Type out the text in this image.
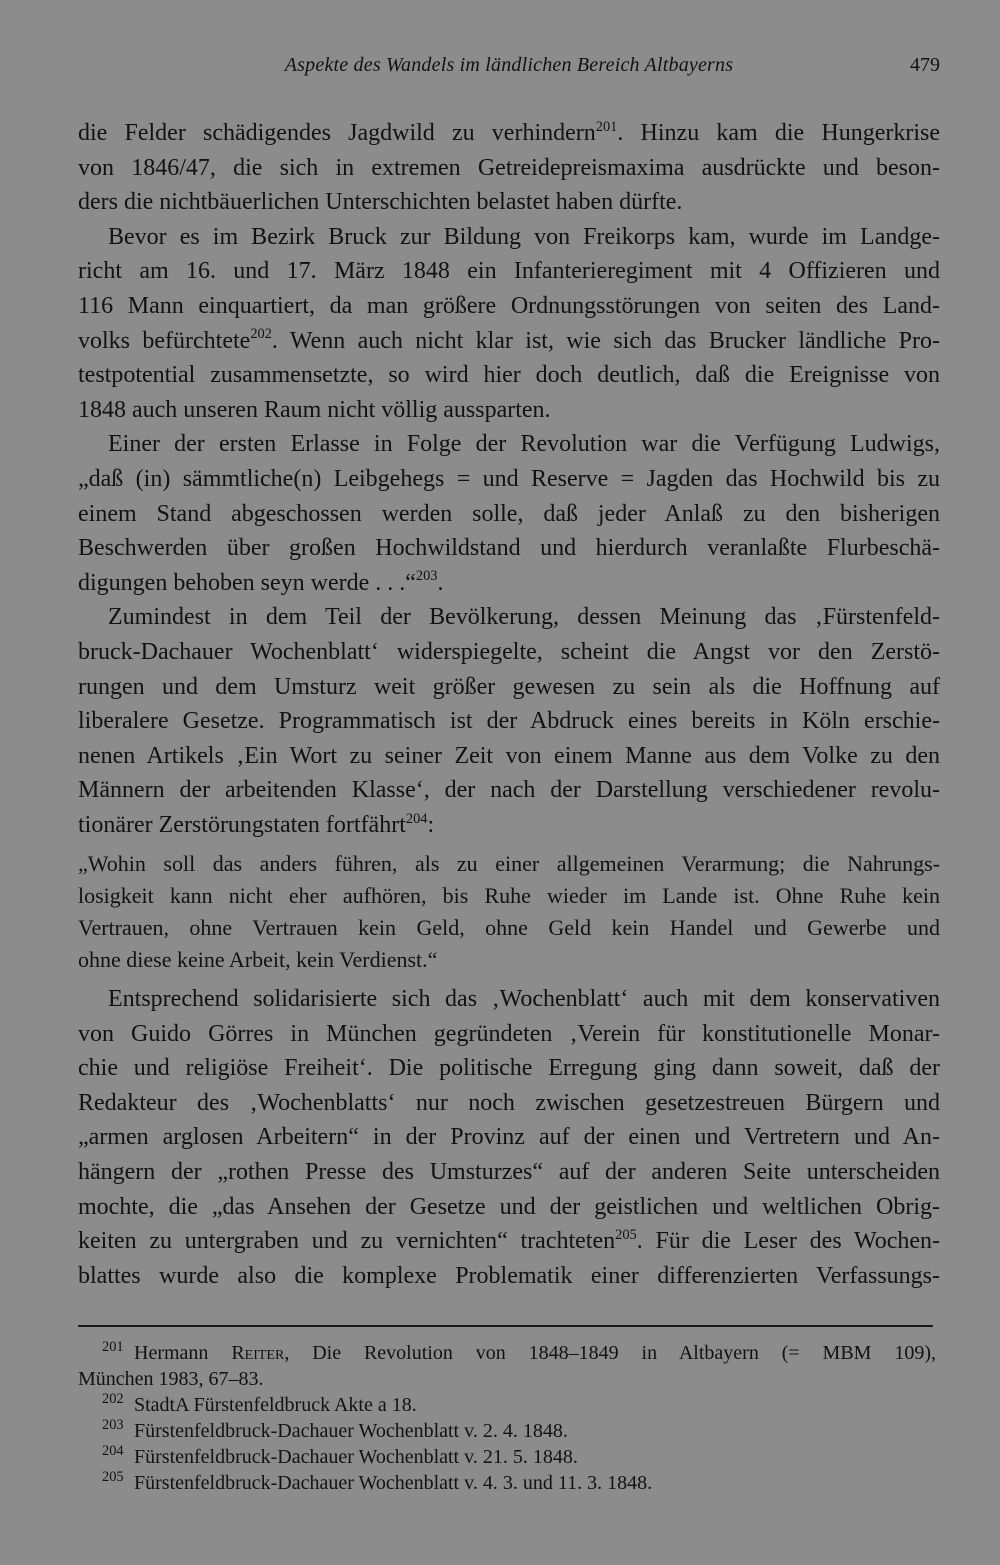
Aspekte des Wandels im ländlichen Bereich Altbayerns	479
die Felder schädigendes Jagdwild zu verhindern$^{201}$. Hinzu kam die Hungerkrise
von 1846/47, die sich in extremen Getreidepreismaxima ausdrückte und beson-
ders die nichtbäuerlichen Unterschichten belastet haben dürfte.
Bevor es im Bezirk Bruck zur Bildung von Freikorps kam, wurde im Landge-
richt am 16. und 17. März 1848 ein Infanterieregiment mit 4 Offizieren und
116 Mann einquartiert, da man größere Ordnungsstörungen von seiten des Land-
volks befürchtete$^{202}$. Wenn auch nicht klar ist, wie sich das Brucker ländliche Pro-
testpotential zusammensetzte, so wird hier doch deutlich, daß die Ereignisse von
1848 auch unseren Raum nicht völlig aussparten.
Einer der ersten Erlasse in Folge der Revolution war die Verfügung Ludwigs,
„daß (in) sämmtliche(n) Leibgehegs = und Reserve = Jagden das Hochwild bis zu
einem Stand abgeschossen werden solle, daß jeder Anlaß zu den bisherigen
Beschwerden über großen Hochwildstand und hierdurch veranlaßte Flurbeschä-
digungen behoben seyn werde . . .“$^{203}$.
Zumindest in dem Teil der Bevölkerung, dessen Meinung das ‚Fürstenfeld-
bruck-Dachauer Wochenblatt‘ widerspiegelte, scheint die Angst vor den Zerstö-
rungen und dem Umsturz weit größer gewesen zu sein als die Hoffnung auf
liberalere Gesetze. Programmatisch ist der Abdruck eines bereits in Köln erschie-
nenen Artikels ‚Ein Wort zu seiner Zeit von einem Manne aus dem Volke zu den
Männern der arbeitenden Klasse‘, der nach der Darstellung verschiedener revolu-
tionärer Zerstörungstaten fortfährt$^{204}$:
„Wohin soll das anders führen, als zu einer allgemeinen Verarmung; die Nahrungs-
losigkeit kann nicht eher aufhören, bis Ruhe wieder im Lande ist. Ohne Ruhe kein
Vertrauen, ohne Vertrauen kein Geld, ohne Geld kein Handel und Gewerbe und
ohne diese keine Arbeit, kein Verdienst.“
Entsprechend solidarisierte sich das ‚Wochenblatt‘ auch mit dem konservativen
von Guido Görres in München gegründeten ‚Verein für konstitutionelle Monar-
chie und religiöse Freiheit‘. Die politische Erregung ging dann soweit, daß der
Redakteur des ‚Wochenblatts‘ nur noch zwischen gesetzestreuen Bürgern und
„armen arglosen Arbeitern“ in der Provinz auf der einen und Vertretern und An-
hängern der „rothen Presse des Umsturzes“ auf der anderen Seite unterscheiden
mochte, die „das Ansehen der Gesetze und der geistlichen und weltlichen Obrig-
keiten zu untergraben und zu vernichten“ trachteten$^{205}$. Für die Leser des Wochen-
blattes wurde also die komplexe Problematik einer differenzierten Verfassungs-
$^{201}$ Hermann Reiter, Die Revolution von 1848–1849 in Altbayern (= MBM 109),
München 1983, 67–83.
$^{202}$ StadtA Fürstenfeldbruck Akte a 18.
$^{203}$ Fürstenfeldbruck-Dachauer Wochenblatt v. 2. 4. 1848.
$^{204}$ Fürstenfeldbruck-Dachauer Wochenblatt v. 21. 5. 1848.
$^{205}$ Fürstenfeldbruck-Dachauer Wochenblatt v. 4. 3. und 11. 3. 1848.
